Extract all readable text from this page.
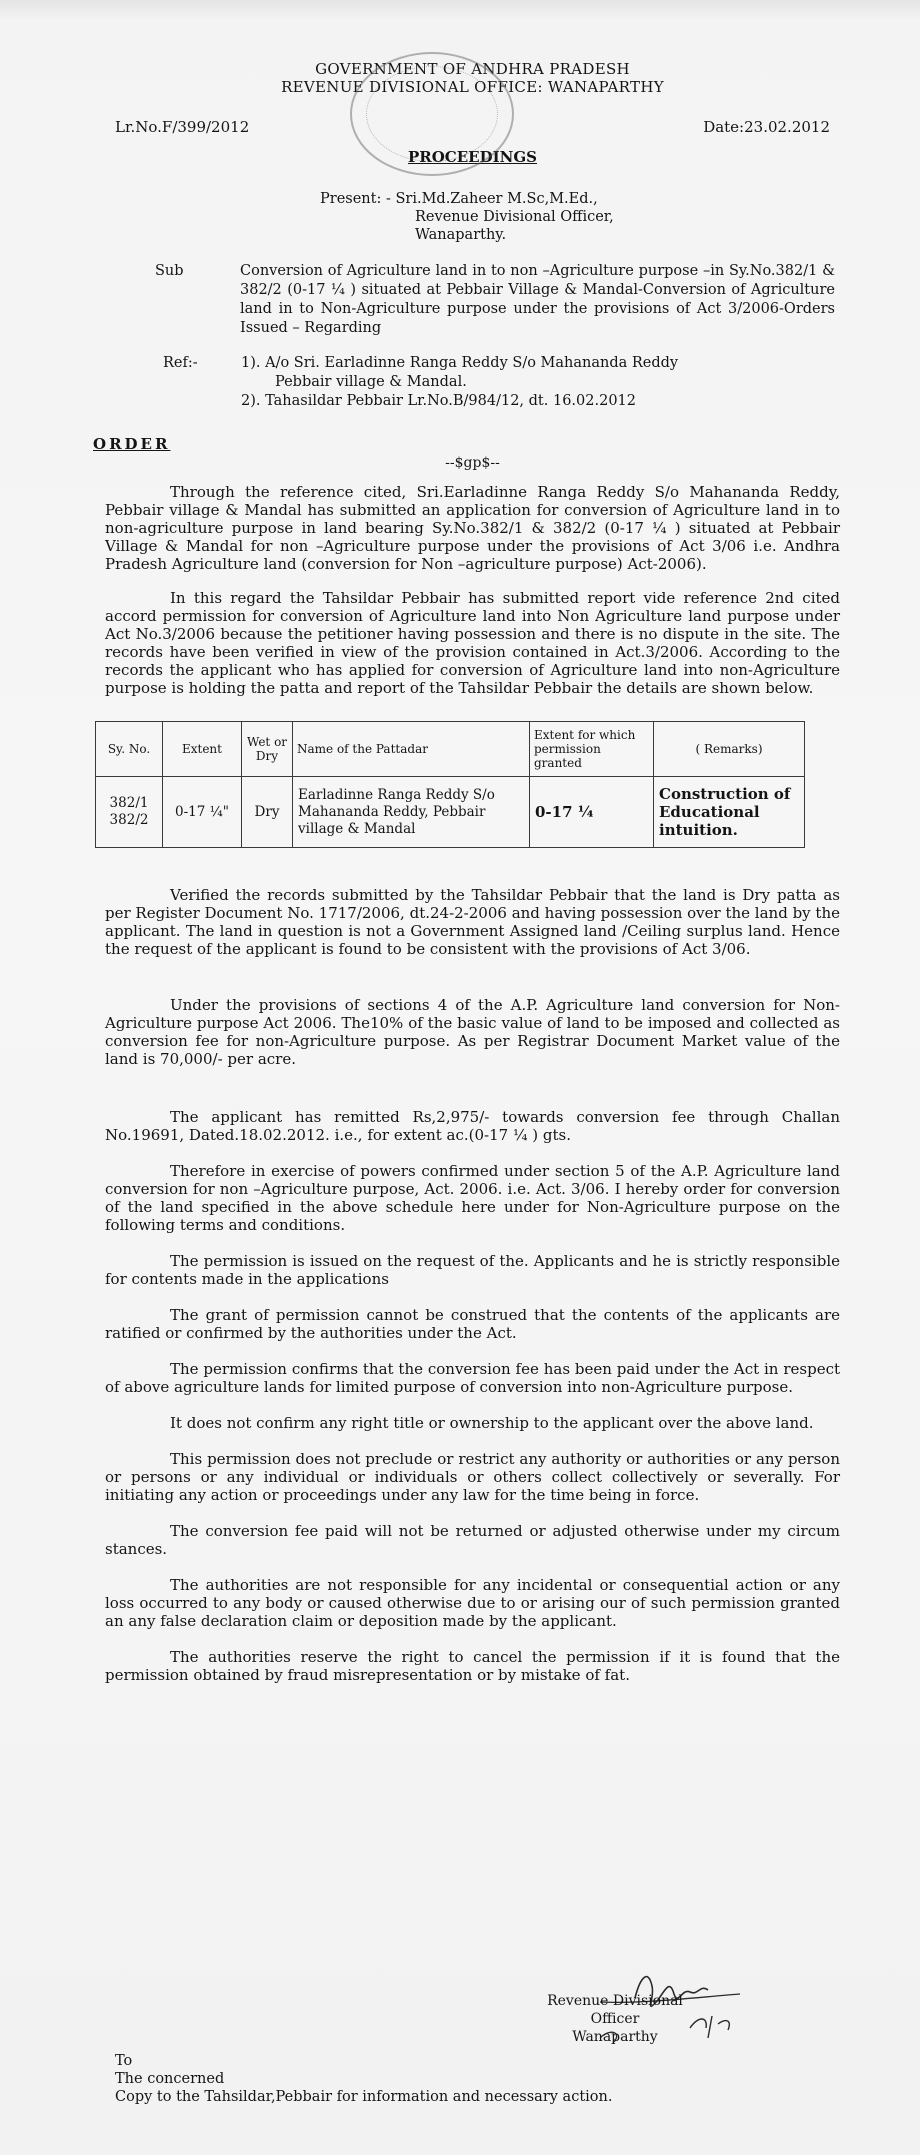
GOVERNMENT OF ANDHRA PRADESH
REVENUE DIVISIONAL OFFICE: WANAPARTHY
Lr.No.F/399/2012	Date:23.02.2012
PROCEEDINGS
Present: - Sri.Md.Zaheer M.Sc,M.Ed.,
Revenue Divisional Officer,
Wanaparthy.
Sub	Conversion of Agriculture land in to non –Agriculture purpose –in Sy.No.382/1 & 382/2 (0-17 ¼ ) situated at Pebbair Village & Mandal-Conversion of Agriculture land in to Non-Agriculture purpose under the provisions of Act 3/2006-Orders Issued – Regarding
Ref:-	1). A/o Sri. Earladinne Ranga Reddy S/o Mahananda Reddy
Pebbair village & Mandal.
2). Tahasildar Pebbair Lr.No.B/984/12, dt. 16.02.2012
ORDER
--$gp$--

Through the reference cited, Sri.Earladinne Ranga Reddy S/o Mahananda Reddy, Pebbair village & Mandal has submitted an application for conversion of Agriculture land in to non-agriculture purpose in land bearing Sy.No.382/1 & 382/2 (0-17 ¼ ) situated at Pebbair Village & Mandal for non –Agriculture purpose under the provisions of Act 3/06 i.e. Andhra Pradesh Agriculture land (conversion for Non –agriculture purpose) Act-2006).

In this regard the Tahsildar Pebbair has submitted report vide reference 2nd cited accord permission for conversion of Agriculture land into Non Agriculture land purpose under Act No.3/2006 because the petitioner having possession and there is no dispute in the site. The records have been verified in view of the provision contained in Act.3/2006. According to the records the applicant who has applied for conversion of Agriculture land into non-Agriculture purpose is holding the patta and report of the Tahsildar Pebbair the details are shown below.

Sy. No.	Extent	Wet or Dry	Name of the Pattadar	Extent for which permission granted	( Remarks)
382/1 382/2	0-17 ¼"	Dry	Earladinne Ranga Reddy S/o Mahananda Reddy, Pebbair village & Mandal	0-17 ¼	Construction of Educational intuition.

Verified the records submitted by the Tahsildar Pebbair that the land is Dry patta as per Register Document No. 1717/2006, dt.24-2-2006 and having possession over the land by the applicant. The land in question is not a Government Assigned land /Ceiling surplus land. Hence the request of the applicant is found to be consistent with the provisions of Act 3/06.

Under the provisions of sections 4 of the A.P. Agriculture land conversion for Non-Agriculture purpose Act 2006. The10% of the basic value of land to be imposed and collected as conversion fee for non-Agriculture purpose. As per Registrar Document Market value of the land is 70,000/- per acre.

The applicant has remitted Rs,2,975/- towards conversion fee through Challan No.19691, Dated.18.02.2012. i.e., for extent ac.(0-17 ¼ ) gts.

Therefore in exercise of powers confirmed under section 5 of the A.P. Agriculture land conversion for non –Agriculture purpose, Act. 2006. i.e. Act. 3/06. I hereby order for conversion of the land specified in the above schedule here under for Non-Agriculture purpose on the following terms and conditions.

The permission is issued on the request of the. Applicants and he is strictly responsible for contents made in the applications

The grant of permission cannot be construed that the contents of the applicants are ratified or confirmed by the authorities under the Act.

The permission confirms that the conversion fee has been paid under the Act in respect of above agriculture lands for limited purpose of conversion into non-Agriculture purpose.

It does not confirm any right title or ownership to the applicant over the above land.

This permission does not preclude or restrict any authority or authorities or any person or persons or any individual or individuals or others collect collectively or severally. For initiating any action or proceedings under any law for the time being in force.

The conversion fee paid will not be returned or adjusted otherwise under my circum stances.

The authorities are not responsible for any incidental or consequential action or any loss occurred to any body or caused otherwise due to or arising our of such permission granted an any false declaration claim or deposition made by the applicant.

The authorities reserve the right to cancel the permission if it is found that the permission obtained by fraud misrepresentation or by mistake of fat.

Revenue Divisional Officer
Wanaparthy
To
The concerned
Copy to the Tahsildar,Pebbair for information and necessary action.
